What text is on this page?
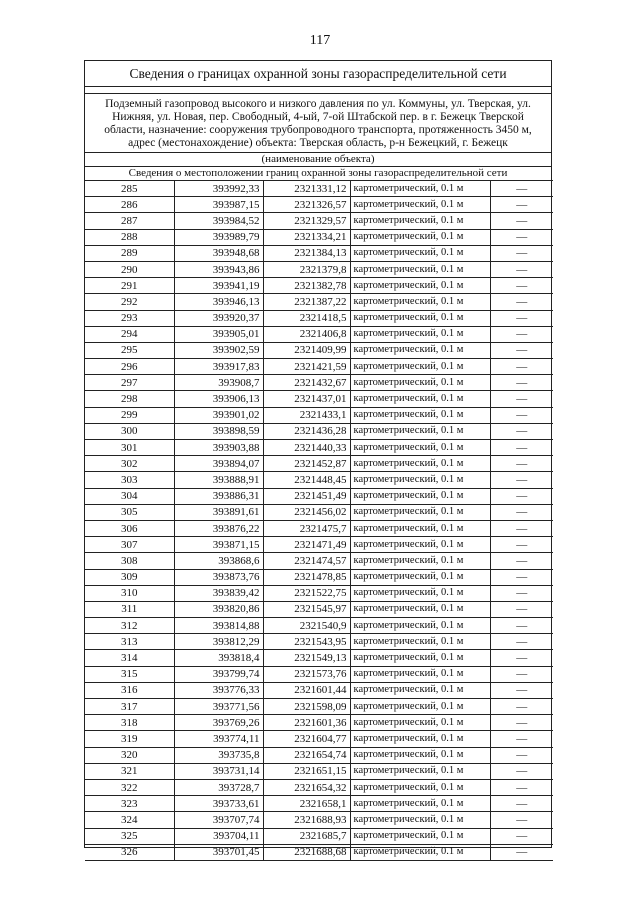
117
Сведения о границах охранной зоны газораспределительной сети
Подземный газопровод высокого и низкого давления по ул. Коммуны, ул. Тверская, ул. Нижняя, ул. Новая, пер. Свободный, 4-ый, 7-ой Штабской пер. в г. Бежецк Тверской области, назначение: сооружения трубопроводного транспорта, протяженность 3450 м, адрес (местонахождение) объекта: Тверская область, р-н Бежецкий, г. Бежецк
(наименование объекта)
Сведения о местоположении границ охранной зоны газораспределительной сети
285	393992,33	2321331,12	картометрический, 0.1 м	—
286	393987,15	2321326,57	картометрический, 0.1 м	—
287	393984,52	2321329,57	картометрический, 0.1 м	—
288	393989,79	2321334,21	картометрический, 0.1 м	—
289	393948,68	2321384,13	картометрический, 0.1 м	—
290	393943,86	2321379,8	картометрический, 0.1 м	—
291	393941,19	2321382,78	картометрический, 0.1 м	—
292	393946,13	2321387,22	картометрический, 0.1 м	—
293	393920,37	2321418,5	картометрический, 0.1 м	—
294	393905,01	2321406,8	картометрический, 0.1 м	—
295	393902,59	2321409,99	картометрический, 0.1 м	—
296	393917,83	2321421,59	картометрический, 0.1 м	—
297	393908,7	2321432,67	картометрический, 0.1 м	—
298	393906,13	2321437,01	картометрический, 0.1 м	—
299	393901,02	2321433,1	картометрический, 0.1 м	—
300	393898,59	2321436,28	картометрический, 0.1 м	—
301	393903,88	2321440,33	картометрический, 0.1 м	—
302	393894,07	2321452,87	картометрический, 0.1 м	—
303	393888,91	2321448,45	картометрический, 0.1 м	—
304	393886,31	2321451,49	картометрический, 0.1 м	—
305	393891,61	2321456,02	картометрический, 0.1 м	—
306	393876,22	2321475,7	картометрический, 0.1 м	—
307	393871,15	2321471,49	картометрический, 0.1 м	—
308	393868,6	2321474,57	картометрический, 0.1 м	—
309	393873,76	2321478,85	картометрический, 0.1 м	—
310	393839,42	2321522,75	картометрический, 0.1 м	—
311	393820,86	2321545,97	картометрический, 0.1 м	—
312	393814,88	2321540,9	картометрический, 0.1 м	—
313	393812,29	2321543,95	картометрический, 0.1 м	—
314	393818,4	2321549,13	картометрический, 0.1 м	—
315	393799,74	2321573,76	картометрический, 0.1 м	—
316	393776,33	2321601,44	картометрический, 0.1 м	—
317	393771,56	2321598,09	картометрический, 0.1 м	—
318	393769,26	2321601,36	картометрический, 0.1 м	—
319	393774,11	2321604,77	картометрический, 0.1 м	—
320	393735,8	2321654,74	картометрический, 0.1 м	—
321	393731,14	2321651,15	картометрический, 0.1 м	—
322	393728,7	2321654,32	картометрический, 0.1 м	—
323	393733,61	2321658,1	картометрический, 0.1 м	—
324	393707,74	2321688,93	картометрический, 0.1 м	—
325	393704,11	2321685,7	картометрический, 0.1 м	—
326	393701,45	2321688,68	картометрический, 0.1 м	—
